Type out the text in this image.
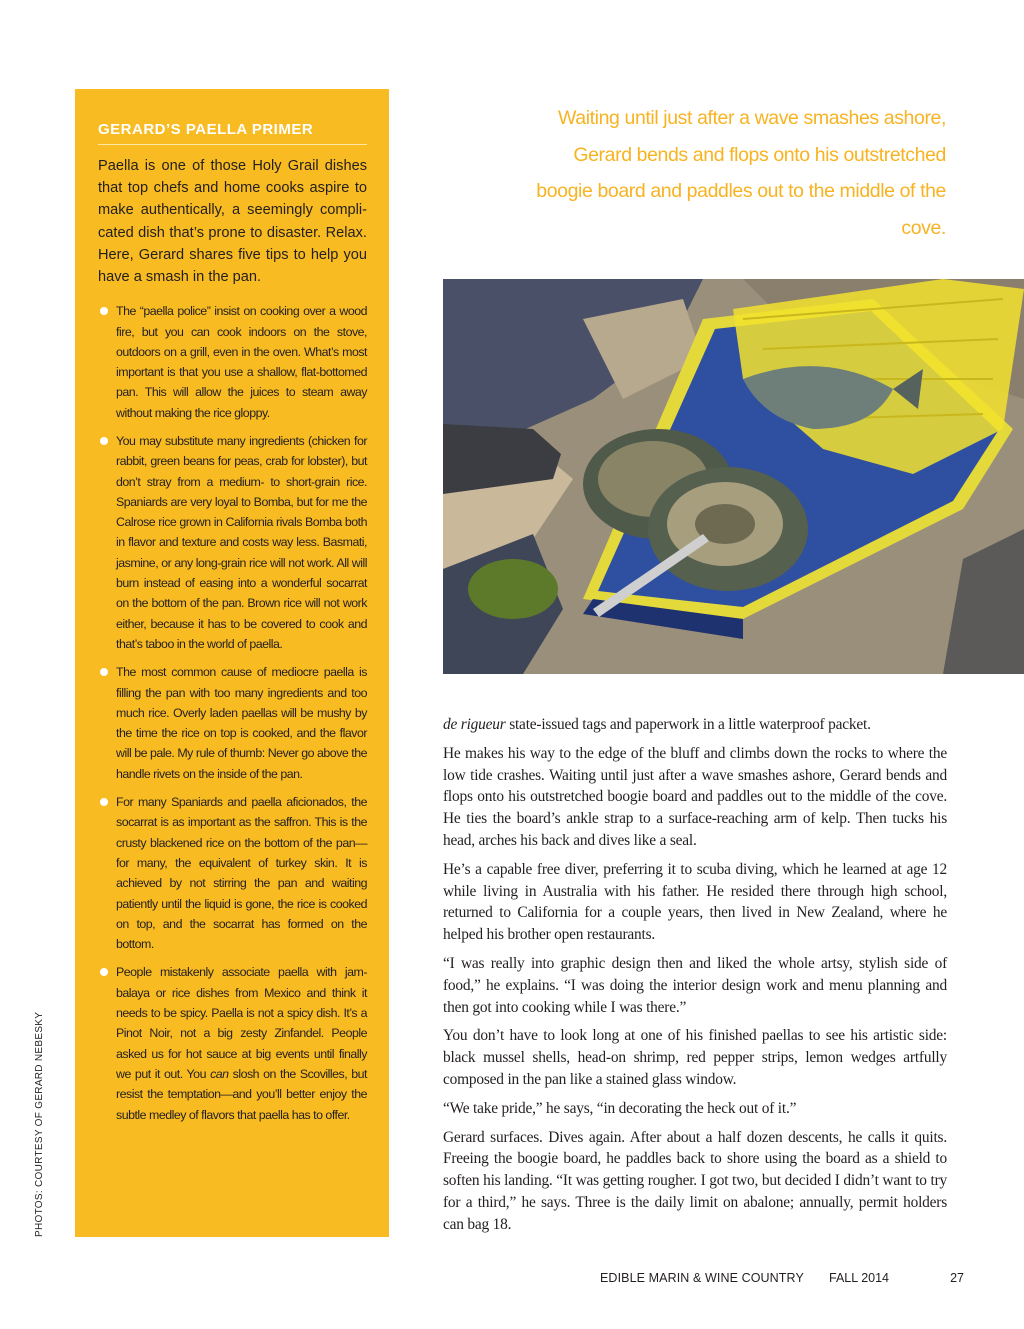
GERARD’S PAELLA PRIMER

Paella is one of those Holy Grail dishes that top chefs and home cooks aspire to make authentically, a seemingly compli-cated dish that’s prone to disaster. Relax. Here, Gerard shares five tips to help you have a smash in the pan.

The “paella police” insist on cooking over a wood fire, but you can cook indoors on the stove, outdoors on a grill, even in the oven. What’s most important is that you use a shallow, flat-bottomed pan. This will allow the juices to steam away without making the rice gloppy.
You may substitute many ingredients (chicken for rabbit, green beans for peas, crab for lobster), but don’t stray from a medium- to short-grain rice. Spaniards are very loyal to Bomba, but for me the Calrose rice grown in California rivals Bomba both in flavor and texture and costs way less. Basmati, jasmine, or any long-grain rice will not work. All will burn instead of easing into a wonderful socarrat on the bottom of the pan. Brown rice will not work either, because it has to be covered to cook and that’s taboo in the world of paella.
The most common cause of mediocre paella is filling the pan with too many ingredients and too much rice. Overly laden paellas will be mushy by the time the rice on top is cooked, and the flavor will be pale. My rule of thumb: Never go above the handle rivets on the inside of the pan.
For many Spaniards and paella aficionados, the socarrat is as important as the saffron. This is the crusty blackened rice on the bottom of the pan—for many, the equivalent of turkey skin. It is achieved by not stirring the pan and waiting patiently until the liquid is gone, the rice is cooked on top, and the socarrat has formed on the bottom.
People mistakenly associate paella with jam-balaya or rice dishes from Mexico and think it needs to be spicy. Paella is not a spicy dish. It’s a Pinot Noir, not a big zesty Zinfandel. People asked us for hot sauce at big events until finally we put it out. You can slosh on the Scovilles, but resist the temptation—and you’ll better enjoy the subtle medley of flavors that paella has to offer.
PHOTOS: COURTESY OF GERARD NEBESKY

Waiting until just after a wave smashes ashore, Gerard bends and flops onto his outstretched boogie board and paddles out to the middle of the cove.

de rigueur state-issued tags and paperwork in a little waterproof packet.

He makes his way to the edge of the bluff and climbs down the rocks to where the low tide crashes. Waiting until just after a wave smashes ashore, Gerard bends and flops onto his outstretched boogie board and paddles out to the middle of the cove. He ties the board’s ankle strap to a surface-reaching arm of kelp. Then tucks his head, arches his back and dives like a seal.

He’s a capable free diver, preferring it to scuba diving, which he learned at age 12 while living in Australia with his father. He resided there through high school, returned to California for a couple years, then lived in New Zealand, where he helped his brother open restaurants.

“I was really into graphic design then and liked the whole artsy, stylish side of food,” he explains. “I was doing the interior design work and menu planning and then got into cooking while I was there.”

You don’t have to look long at one of his finished paellas to see his artistic side: black mussel shells, head-on shrimp, red pepper strips, lemon wedges artfully composed in the pan like a stained glass window.

“We take pride,” he says, “in decorating the heck out of it.”

Gerard surfaces. Dives again. After about a half dozen descents, he calls it quits. Freeing the boogie board, he paddles back to shore using the board as a shield to soften his landing. “It was getting rougher. I got two, but decided I didn’t want to try for a third,” he says. Three is the daily limit on abalone; annually, permit holders can bag 18.

EDIBLE MARIN & WINE COUNTRY FALL 2014	27
